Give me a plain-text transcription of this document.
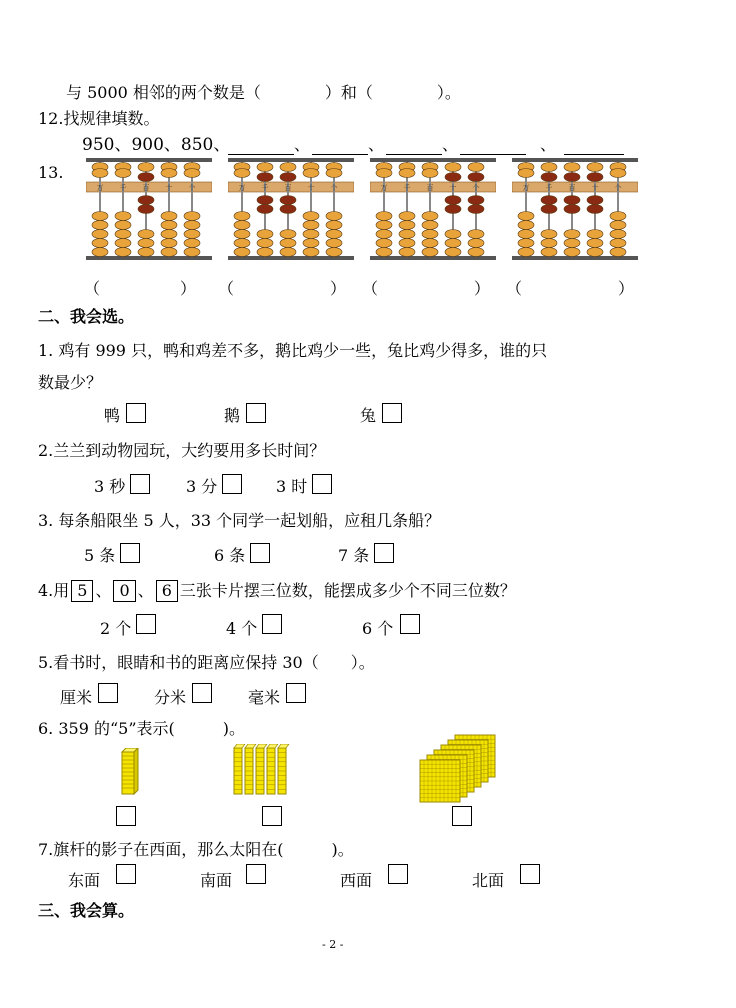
与 5000 相邻的两个数是（　　　　）和（　　　　）。
12.找规律填数。
950、900、850、	、	、	、	、
13.
万 千 百 十 个	万 千 百 十 个	万 千 百 十 个	万 千 百 十 个
（　　　　　） （　　　　　　） （　　　　　　） （　　　　　　）
二、我会选。
1. 鸡有 999 只，鸭和鸡差不多，鹅比鸡少一些，兔比鸡少得多，谁的只
数最少？
鸭	鹅	兔
2.兰兰到动物园玩，大约要用多长时间？
3 秒	3 分	3 时
3. 每条船限坐 5 人，33 个同学一起划船，应租几条船？
5 条	6 条	7 条
4.用 5 、 0 、 6 三张卡片摆三位数，能摆成多少个不同三位数？
2 个	4 个	6 个
5.看书时，眼睛和书的距离应保持 30（　　）。
厘米	分米	毫米
6. 359 的“5”表示(　　　)。
7.旗杆的影子在西面，那么太阳在(　　　)。
东面	南面	西面	北面
三、我会算。
- 2 -
